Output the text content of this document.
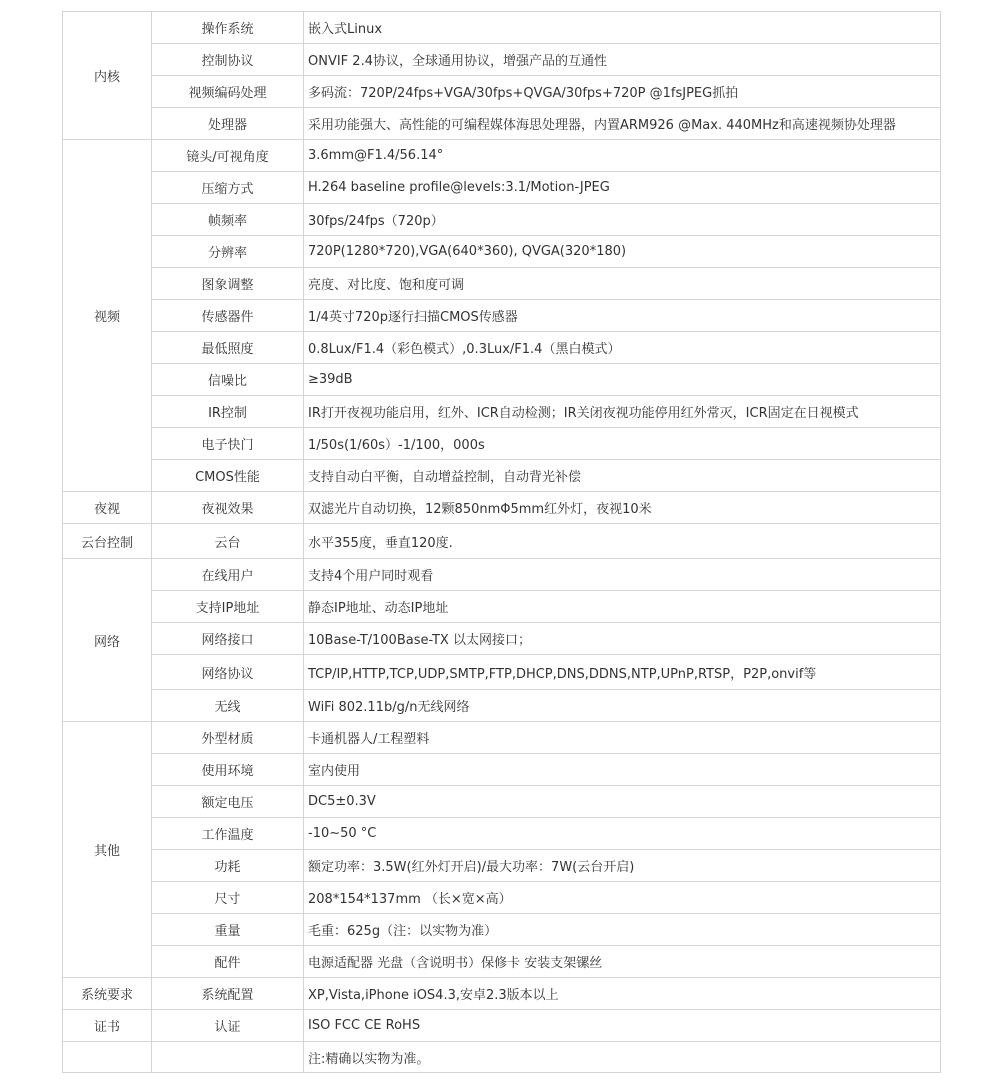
内核	操作系统	嵌入式Linux
	控制协议	ONVIF 2.4协议，全球通用协议，增强产品的互通性
	视频编码处理	多码流：720P/24fps+VGA/30fps+QVGA/30fps+720P @1fsJPEG抓拍
	处理器	采用功能强大、高性能的可编程媒体海思处理器，内置ARM926 @Max. 440MHz和高速视频协处理器
视频	镜头/可视角度	3.6mm@F1.4/56.14°
	压缩方式	H.264 baseline profile@levels:3.1/Motion-JPEG
	帧频率	30fps/24fps（720p）
	分辨率	720P(1280*720),VGA(640*360), QVGA(320*180)
	图象调整	亮度、对比度、饱和度可调
	传感器件	1/4英寸720p逐行扫描CMOS传感器
	最低照度	0.8Lux/F1.4（彩色模式）,0.3Lux/F1.4（黑白模式）
	信噪比	≥39dB
	IR控制	IR打开夜视功能启用，红外、ICR自动检测；IR关闭夜视功能停用红外常灭，ICR固定在日视模式
	电子快门	1/50s(1/60s）-1/100，000s
	CMOS性能	支持自动白平衡，自动增益控制，自动背光补偿
夜视	夜视效果	双滤光片自动切换，12颗850nmΦ5mm红外灯，夜视10米
云台控制	云台	水平355度，垂直120度.
网络	在线用户	支持4个用户同时观看
	支持IP地址	静态IP地址、动态IP地址
	网络接口	10Base-T/100Base-TX 以太网接口；
	网络协议	TCP/IP,HTTP,TCP,UDP,SMTP,FTP,DHCP,DNS,DDNS,NTP,UPnP,RTSP，P2P,onvif等
	无线	WiFi 802.11b/g/n无线网络
其他	外型材质	卡通机器人/工程塑料
	使用环境	室内使用
	额定电压	DC5±0.3V
	工作温度	-10~50 °C
	功耗	额定功率：3.5W(红外灯开启)/最大功率：7W(云台开启)
	尺寸	208*154*137mm （长×宽×高）
	重量	毛重：625g（注：以实物为准）
	配件	电源适配器 光盘（含说明书）保修卡 安装支架镙丝
系统要求	系统配置	XP,Vista,iPhone iOS4.3,安卓2.3版本以上
证书	认证	ISO FCC CE RoHS
		注:精确以实物为准。
